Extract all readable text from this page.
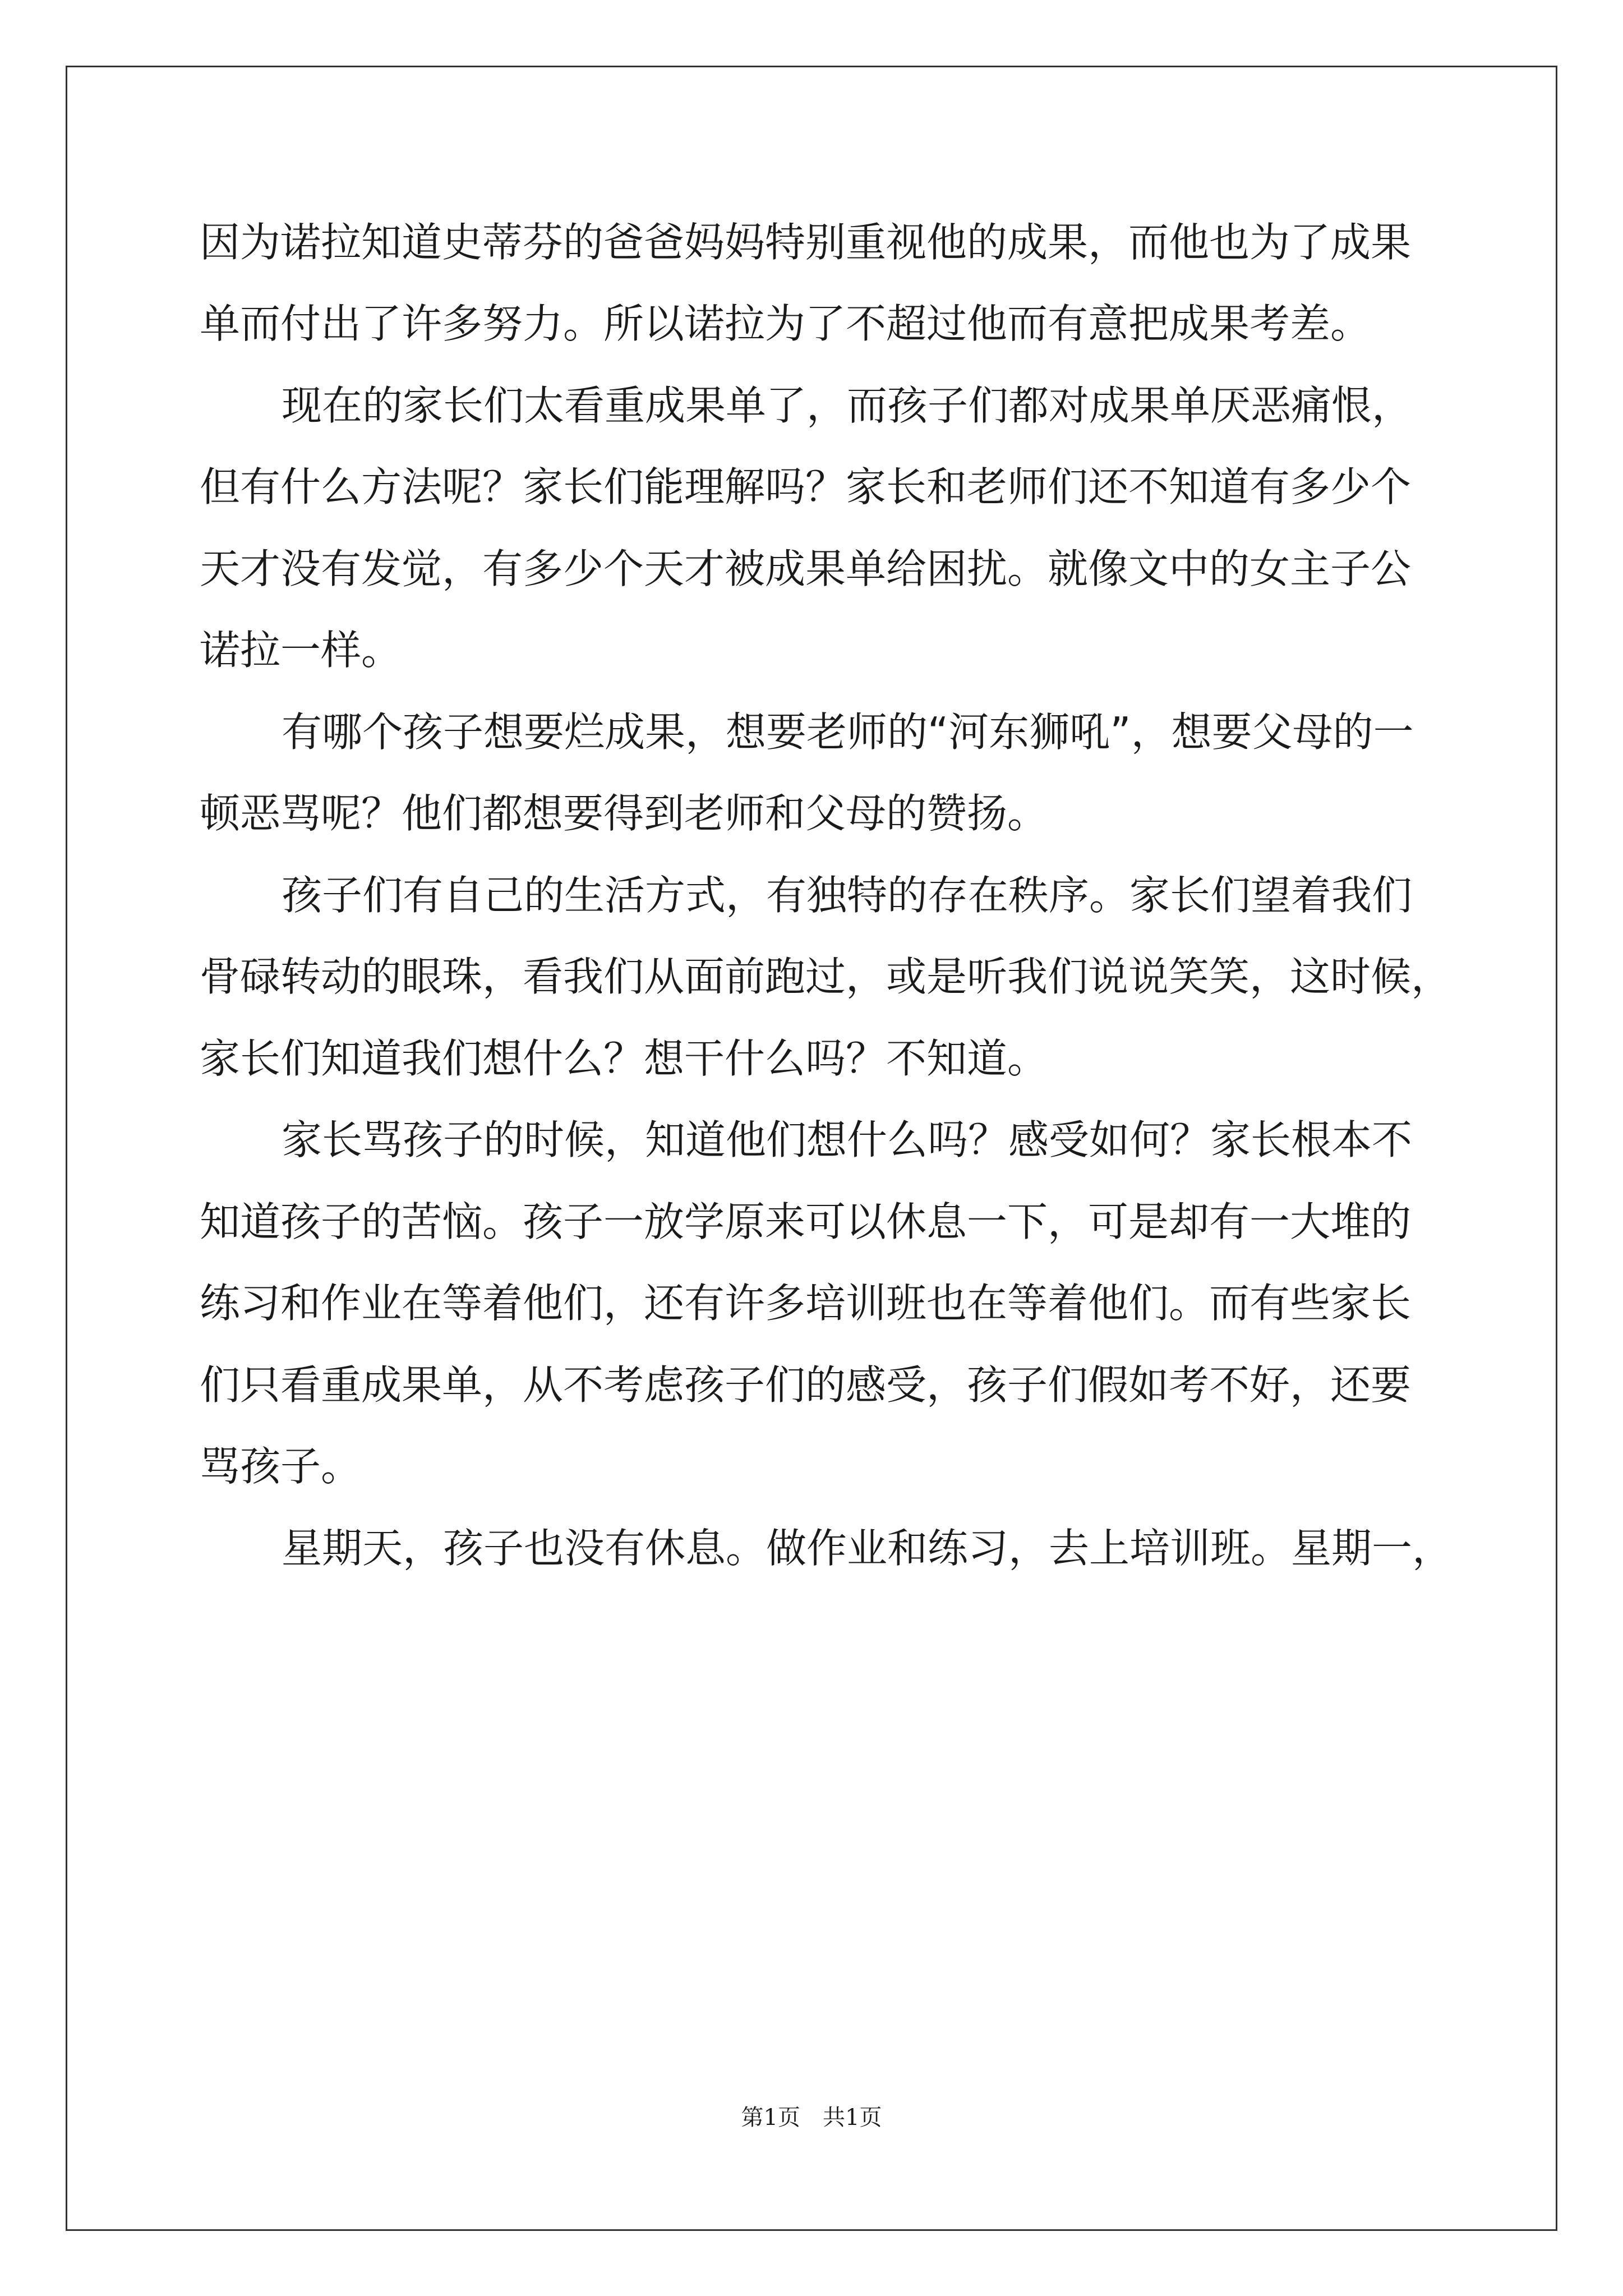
因为诺拉知道史蒂芬的爸爸妈妈特别重视他的成果，而他也为了成果
单而付出了许多努力。所以诺拉为了不超过他而有意把成果考差。
现在的家长们太看重成果单了，而孩子们都对成果单厌恶痛恨，
但有什么方法呢？家长们能理解吗？家长和老师们还不知道有多少个
天才没有发觉，有多少个天才被成果单给困扰。就像文中的女主子公
诺拉一样。
有哪个孩子想要烂成果，想要老师的“河东狮吼”，想要父母的一
顿恶骂呢？他们都想要得到老师和父母的赞扬。
孩子们有自己的生活方式，有独特的存在秩序。家长们望着我们
骨碌转动的眼珠，看我们从面前跑过，或是听我们说说笑笑，这时候，
家长们知道我们想什么？想干什么吗？不知道。
家长骂孩子的时候，知道他们想什么吗？感受如何？家长根本不
知道孩子的苦恼。孩子一放学原来可以休息一下，可是却有一大堆的
练习和作业在等着他们，还有许多培训班也在等着他们。而有些家长
们只看重成果单，从不考虑孩子们的感受，孩子们假如考不好，还要
骂孩子。
星期天，孩子也没有休息。做作业和练习，去上培训班。星期一，
第1页　共1页
